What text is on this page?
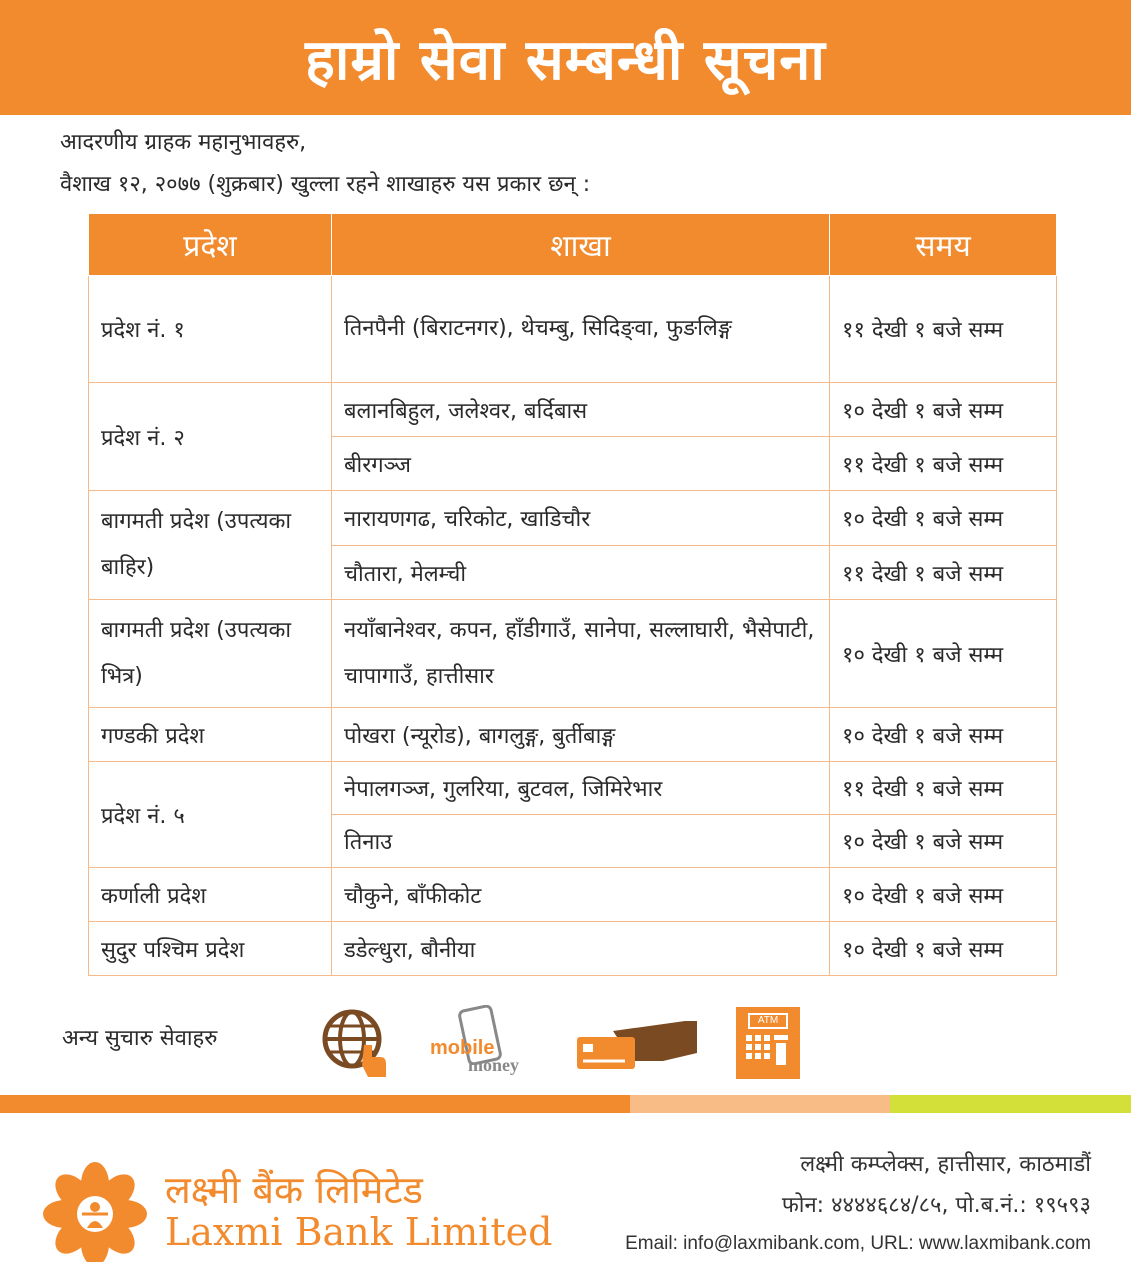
हाम्रो सेवा सम्बन्धी सूचना
आदरणीय ग्राहक महानुभावहरु,
वैशाख १२, २०७७ (शुक्रबार) खुल्ला रहने शाखाहरु यस प्रकार छन् :
प्रदेश	शाखा	समय
प्रदेश नं. १	तिनपैनी (बिराटनगर), थेचम्बु, सिदिङ्वा, फुङलिङ्ग	११ देखी १ बजे सम्म
प्रदेश नं. २	बलानबिहुल, जलेश्वर, बर्दिबास	१० देखी १ बजे सम्म
	बीरगञ्ज	११ देखी १ बजे सम्म
बागमती प्रदेश (उपत्यका बाहिर)	नारायणगढ, चरिकोट, खाडिचौर	१० देखी १ बजे सम्म
	चौतारा, मेलम्ची	११ देखी १ बजे सम्म
बागमती प्रदेश (उपत्यका भित्र)	नयाँबानेश्वर, कपन, हाँडीगाउँ, सानेपा, सल्लाघारी, भैसेपाटी, चापागाउँ, हात्तीसार	१० देखी १ बजे सम्म
गण्डकी प्रदेश	पोखरा (न्यूरोड), बागलुङ्ग, बुर्तीबाङ्ग	१० देखी १ बजे सम्म
प्रदेश नं. ५	नेपालगञ्ज, गुलरिया, बुटवल, जिमिरेभार	११ देखी १ बजे सम्म
	तिनाउ	१० देखी १ बजे सम्म
कर्णाली प्रदेश	चौकुने, बाँफीकोट	१० देखी १ बजे सम्म
सुदुर पश्चिम प्रदेश	डडेल्धुरा, बौनीया	१० देखी १ बजे सम्म
अन्य सुचारु सेवाहरु	mobile
money
ATM
लक्ष्मी बैंक लिमिटेड
Laxmi Bank Limited
लक्ष्मी कम्प्लेक्स, हात्तीसार, काठमाडौं
फोन: ४४४४६८४/८५, पो.ब.नं.: १९५९३
Email: info@laxmibank.com, URL: www.laxmibank.com
